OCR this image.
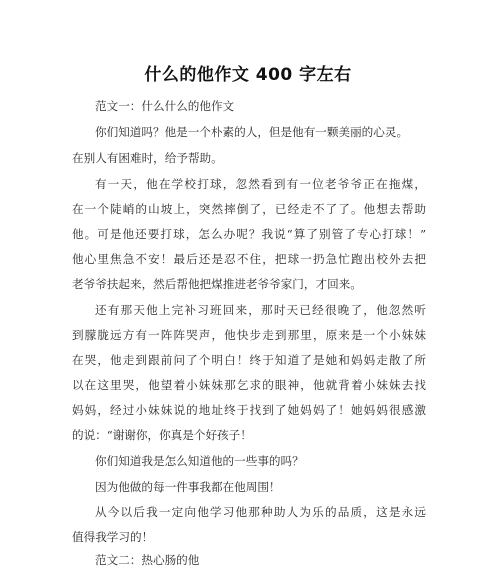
什么的他作文 400 字左右
范文一：什么什么的他作文
你们知道吗？他是一个朴素的人，但是他有一颗美丽的心灵。
在别人有困难时，给予帮助。
有一天，他在学校打球，忽然看到有一位老爷爷正在拖煤，
在一个陡峭的山坡上，突然摔倒了，已经走不了了。他想去帮助
他。可是他还要打球，怎么办呢？我说“算了别管了专心打球！”
他心里焦急不安！最后还是忍不住，把球一扔急忙跑出校外去把
老爷爷扶起来，然后帮他把煤推进老爷爷家门，才回来。
还有那天他上完补习班回来，那时天已经很晚了，他忽然听
到朦胧远方有一阵阵哭声，他快步走到那里，原来是一个小妹妹
在哭，他走到跟前问了个明白！终于知道了是她和妈妈走散了所
以在这里哭，他望着小妹妹那乞求的眼神，他就背着小妹妹去找
妈妈，经过小妹妹说的地址终于找到了她妈妈了！她妈妈很感激
的说：“谢谢你，你真是个好孩子！
你们知道我是怎么知道他的一些事的吗？
因为他做的每一件事我都在他周围！
从今以后我一定向他学习他那种助人为乐的品质，这是永远
值得我学习的！
范文二：热心肠的他
